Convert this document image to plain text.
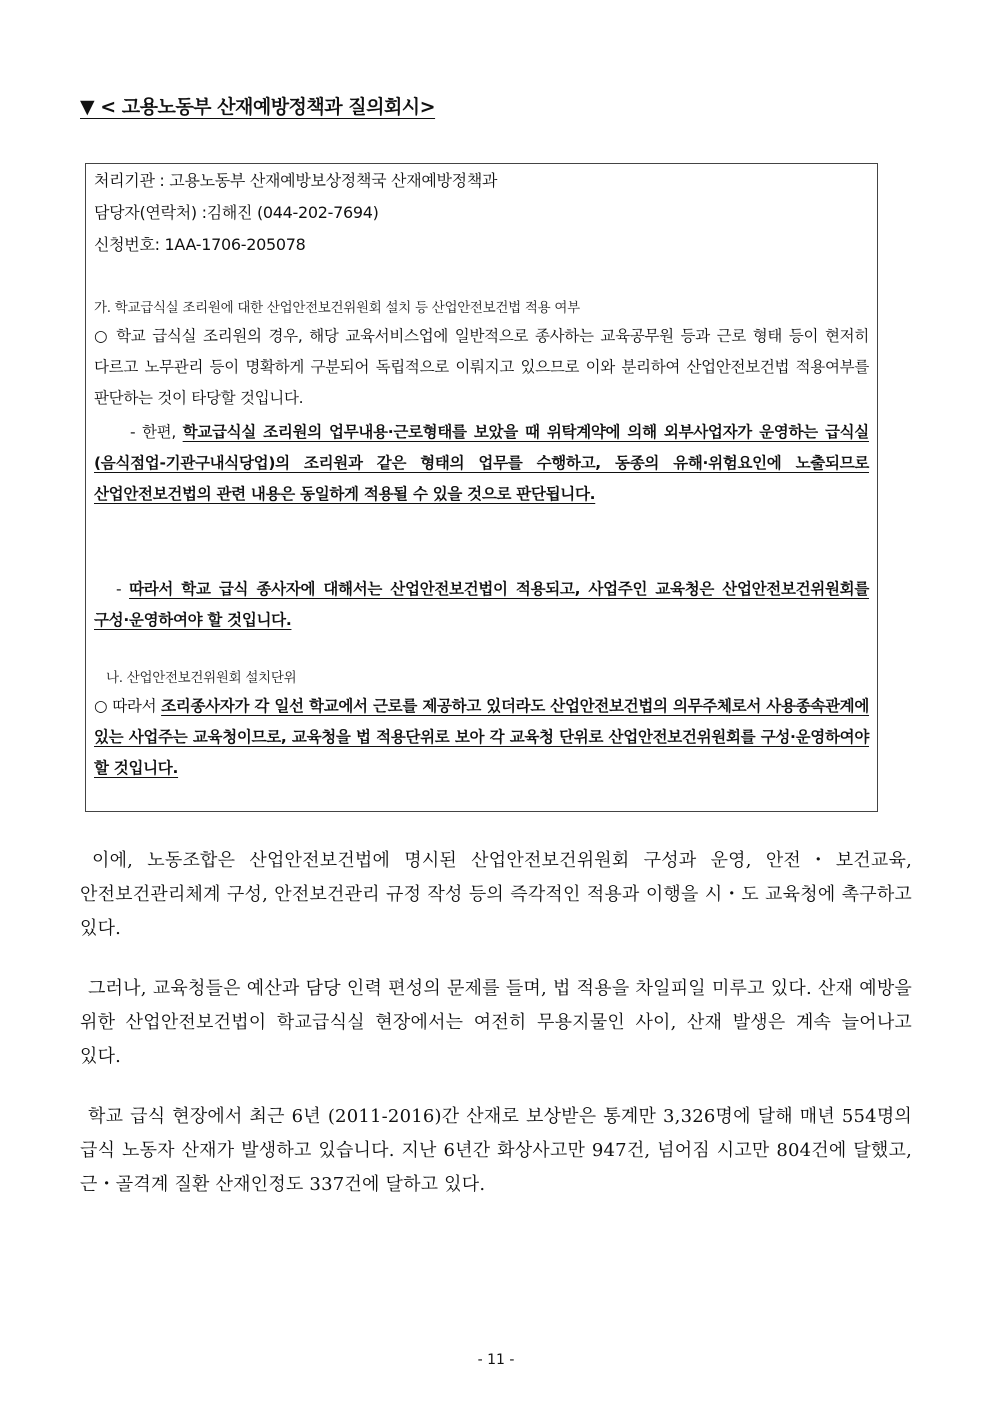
▼ < 고용노동부 산재예방정책과 질의회시>
처리기관 : 고용노동부 산재예방보상정책국 산재예방정책과
담당자(연락처) :김해진 (044-202-7694)
신청번호: 1AA-1706-205078
가. 학교급식실 조리원에 대한 산업안전보건위원회 설치 등 산업안전보건법 적용 여부
○ 학교 급식실 조리원의 경우, 해당 교육서비스업에 일반적으로 종사하는 교육공무원 등과 근로 형태 등이 현저히 다르고 노무관리 등이 명확하게 구분되어 독립적으로 이뤄지고 있으므로 이와 분리하여 산업안전보건법 적용여부를 판단하는 것이 타당할 것입니다.
- 한편, 학교급식실 조리원의 업무내용·근로형태를 보았을 때 위탁계약에 의해 외부사업자가 운영하는 급식실(음식점업-기관구내식당업)의 조리원과 같은 형태의 업무를 수행하고, 동종의 유해·위험요인에 노출되므로 산업안전보건법의 관련 내용은 동일하게 적용될 수 있을 것으로 판단됩니다.
- 따라서 학교 급식 종사자에 대해서는 산업안전보건법이 적용되고, 사업주인 교육청은 산업안전보건위원회를 구성·운영하여야 할 것입니다.
나. 산업안전보건위원회 설치단위
○ 따라서 조리종사자가 각 일선 학교에서 근로를 제공하고 있더라도 산업안전보건법의 의무주체로서 사용종속관계에 있는 사업주는 교육청이므로, 교육청을 법 적용단위로 보아 각 교육청 단위로 산업안전보건위원회를 구성·운영하여야 할 것입니다.
이에, 노동조합은 산업안전보건법에 명시된 산업안전보건위원회 구성과 운영, 안전・보건교육, 안전보건관리체계 구성, 안전보건관리 규정 작성 등의 즉각적인 적용과 이행을 시・도 교육청에 촉구하고 있다.
그러나, 교육청들은 예산과 담당 인력 편성의 문제를 들며, 법 적용을 차일피일 미루고 있다. 산재 예방을 위한 산업안전보건법이 학교급식실 현장에서는 여전히 무용지물인 사이, 산재 발생은 계속 늘어나고 있다.
학교 급식 현장에서 최근 6년 (2011-2016)간 산재로 보상받은 통계만 3,326명에 달해 매년 554명의 급식 노동자 산재가 발생하고 있습니다. 지난 6년간 화상사고만 947건, 넘어짐 시고만 804건에 달했고, 근・골격계 질환 산재인정도 337건에 달하고 있다.
- 11 -
